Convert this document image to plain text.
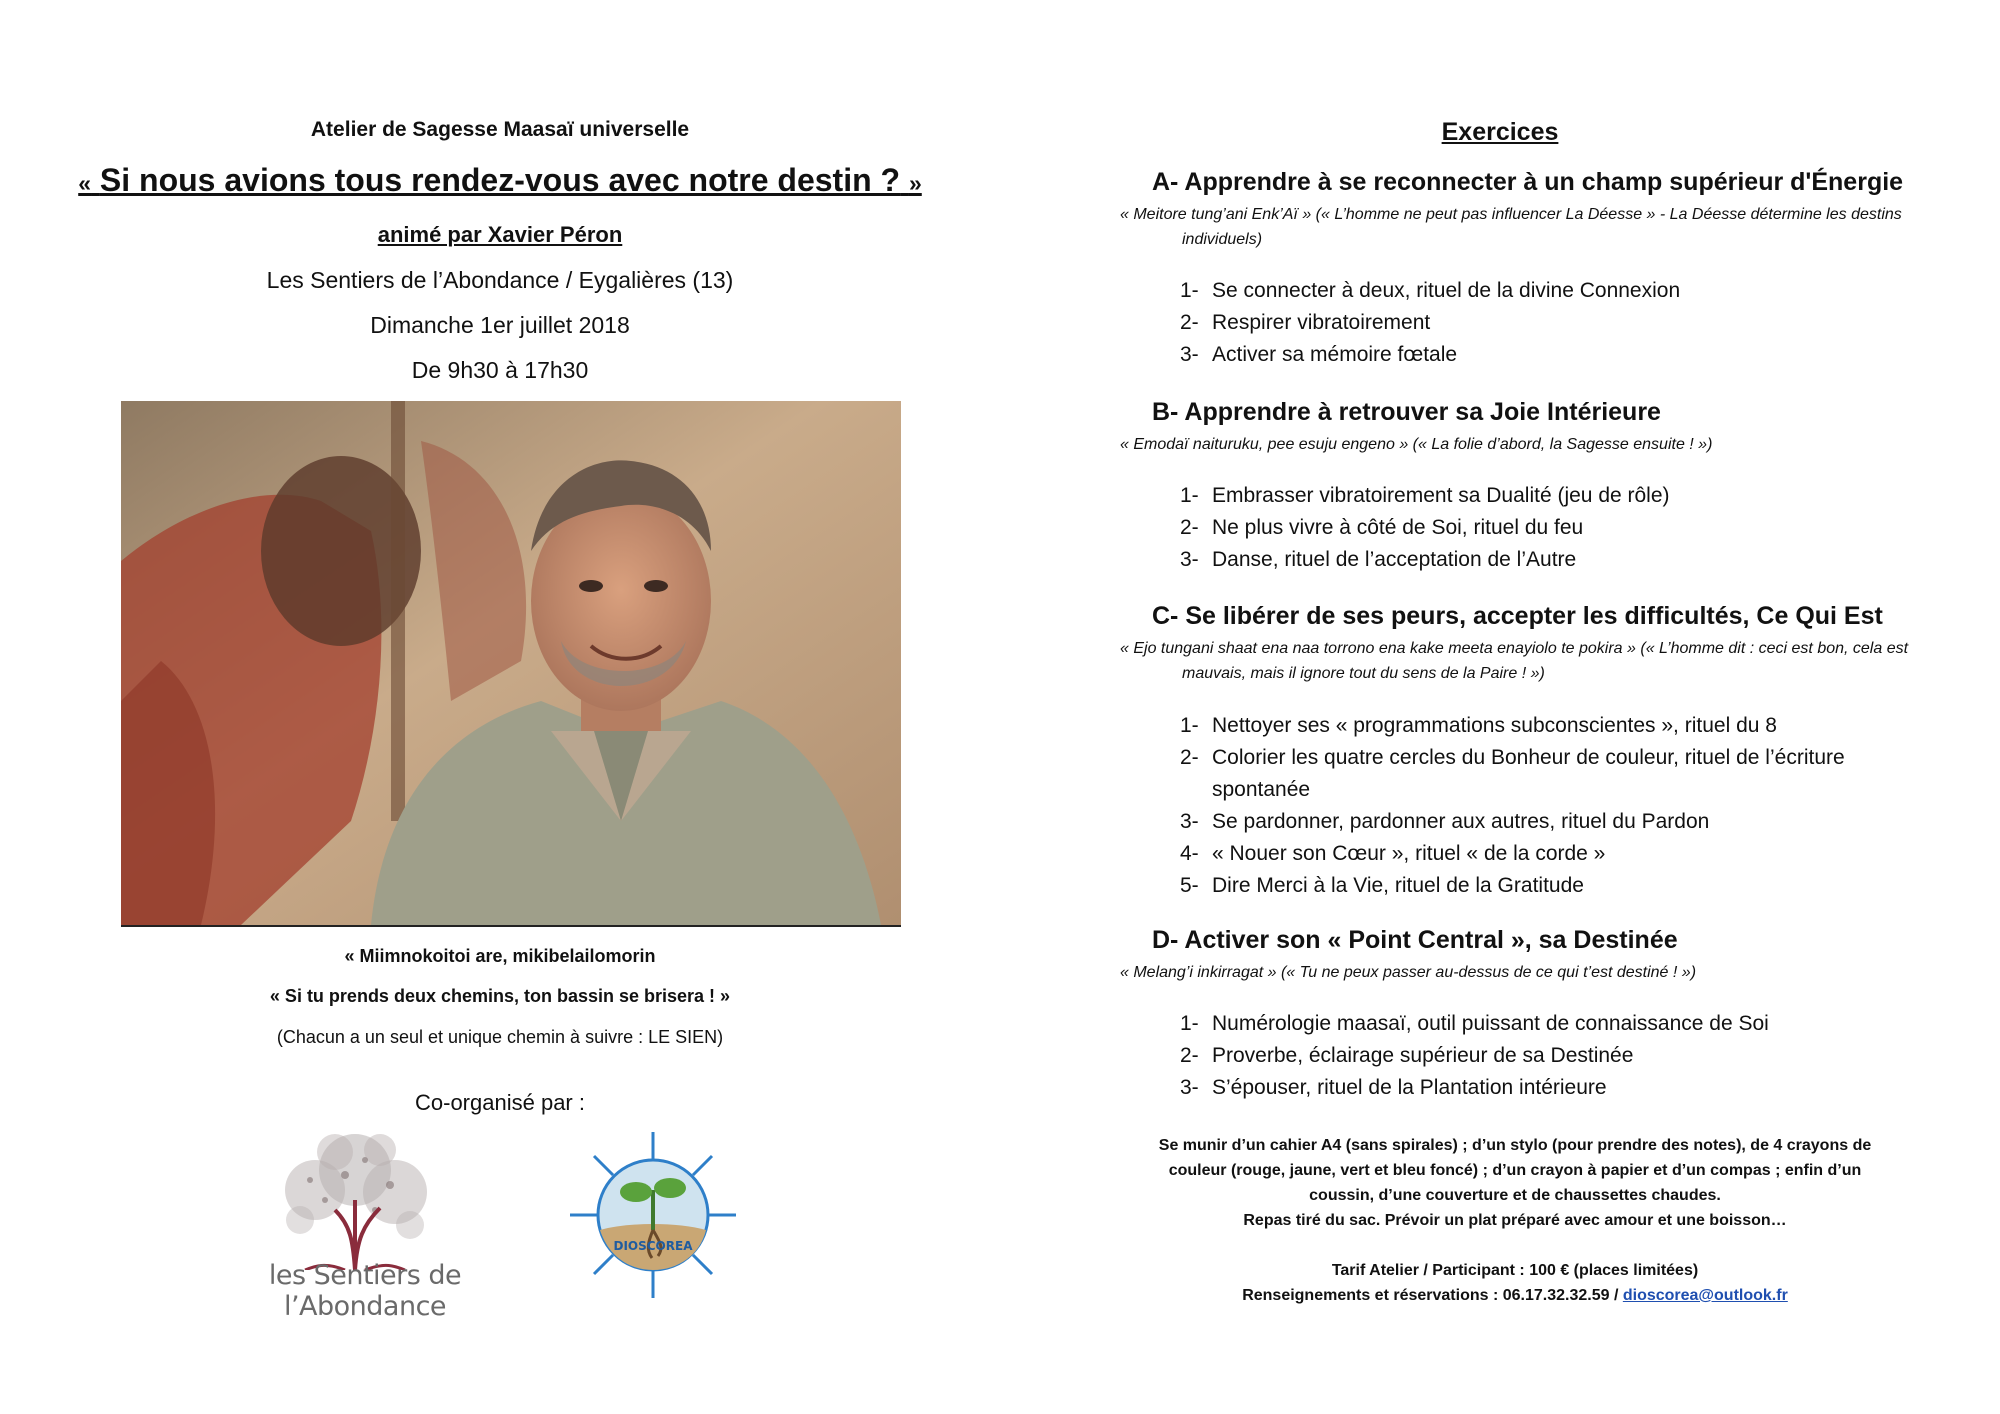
Atelier de Sagesse Maasaï universelle

« Si nous avions tous rendez-vous avec notre destin ? »

animé par Xavier Péron

Les Sentiers de l’Abondance / Eygalières (13)

Dimanche 1er juillet 2018

De 9h30 à 17h30

« Miimnokoitoi are, mikibelailomorin

« Si tu prends deux chemins, ton bassin se brisera ! »

(Chacun a un seul et unique chemin à suivre : LE SIEN)

Co-organisé par :

les Sentiers de l’Abondance
DIOSCOREA
Exercices
A- Apprendre à se reconnecter à un champ supérieur d'Énergie
« Meitore tung’ani Enk’Aï » (« L’homme ne peut pas influencer La Déesse » - La Déesse détermine les destins individuels)
1- Se connecter à deux, rituel de la divine Connexion
2- Respirer vibratoirement
3- Activer sa mémoire fœtale
B- Apprendre à retrouver sa Joie Intérieure
« Emodaï naituruku, pee esuju engeno » (« La folie d’abord, la Sagesse ensuite ! »)
1- Embrasser vibratoirement sa Dualité (jeu de rôle)
2- Ne plus vivre à côté de Soi, rituel du feu
3- Danse, rituel de l’acceptation de l’Autre
C- Se libérer de ses peurs, accepter les difficultés, Ce Qui Est
« Ejo tungani shaat ena naa torrono ena kake meeta enayiolo te pokira » (« L’homme dit : ceci est bon, cela est mauvais, mais il ignore tout du sens de la Paire ! »)
1- Nettoyer ses « programmations subconscientes », rituel du 8
2- Colorier les quatre cercles du Bonheur de couleur, rituel de l’écriture spontanée
3- Se pardonner, pardonner aux autres, rituel du Pardon
4- « Nouer son Cœur », rituel « de la corde »
5- Dire Merci à la Vie, rituel de la Gratitude
D- Activer son « Point Central », sa Destinée
« Melang’i inkirragat » (« Tu ne peux passer au-dessus de ce qui t’est destiné ! »)
1- Numérologie maasaï, outil puissant de connaissance de Soi
2- Proverbe, éclairage supérieur de sa Destinée
3- S’épouser, rituel de la Plantation intérieure
Se munir d’un cahier A4 (sans spirales) ; d’un stylo (pour prendre des notes), de 4 crayons de
couleur (rouge, jaune, vert et bleu foncé) ; d’un crayon à papier et d’un compas ; enfin d’un
coussin, d’une couverture et de chaussettes chaudes.
Repas tiré du sac. Prévoir un plat préparé avec amour et une boisson…
Tarif Atelier / Participant : 100 € (places limitées)
Renseignements et réservations : 06.17.32.32.59 / dioscorea@outlook.fr
